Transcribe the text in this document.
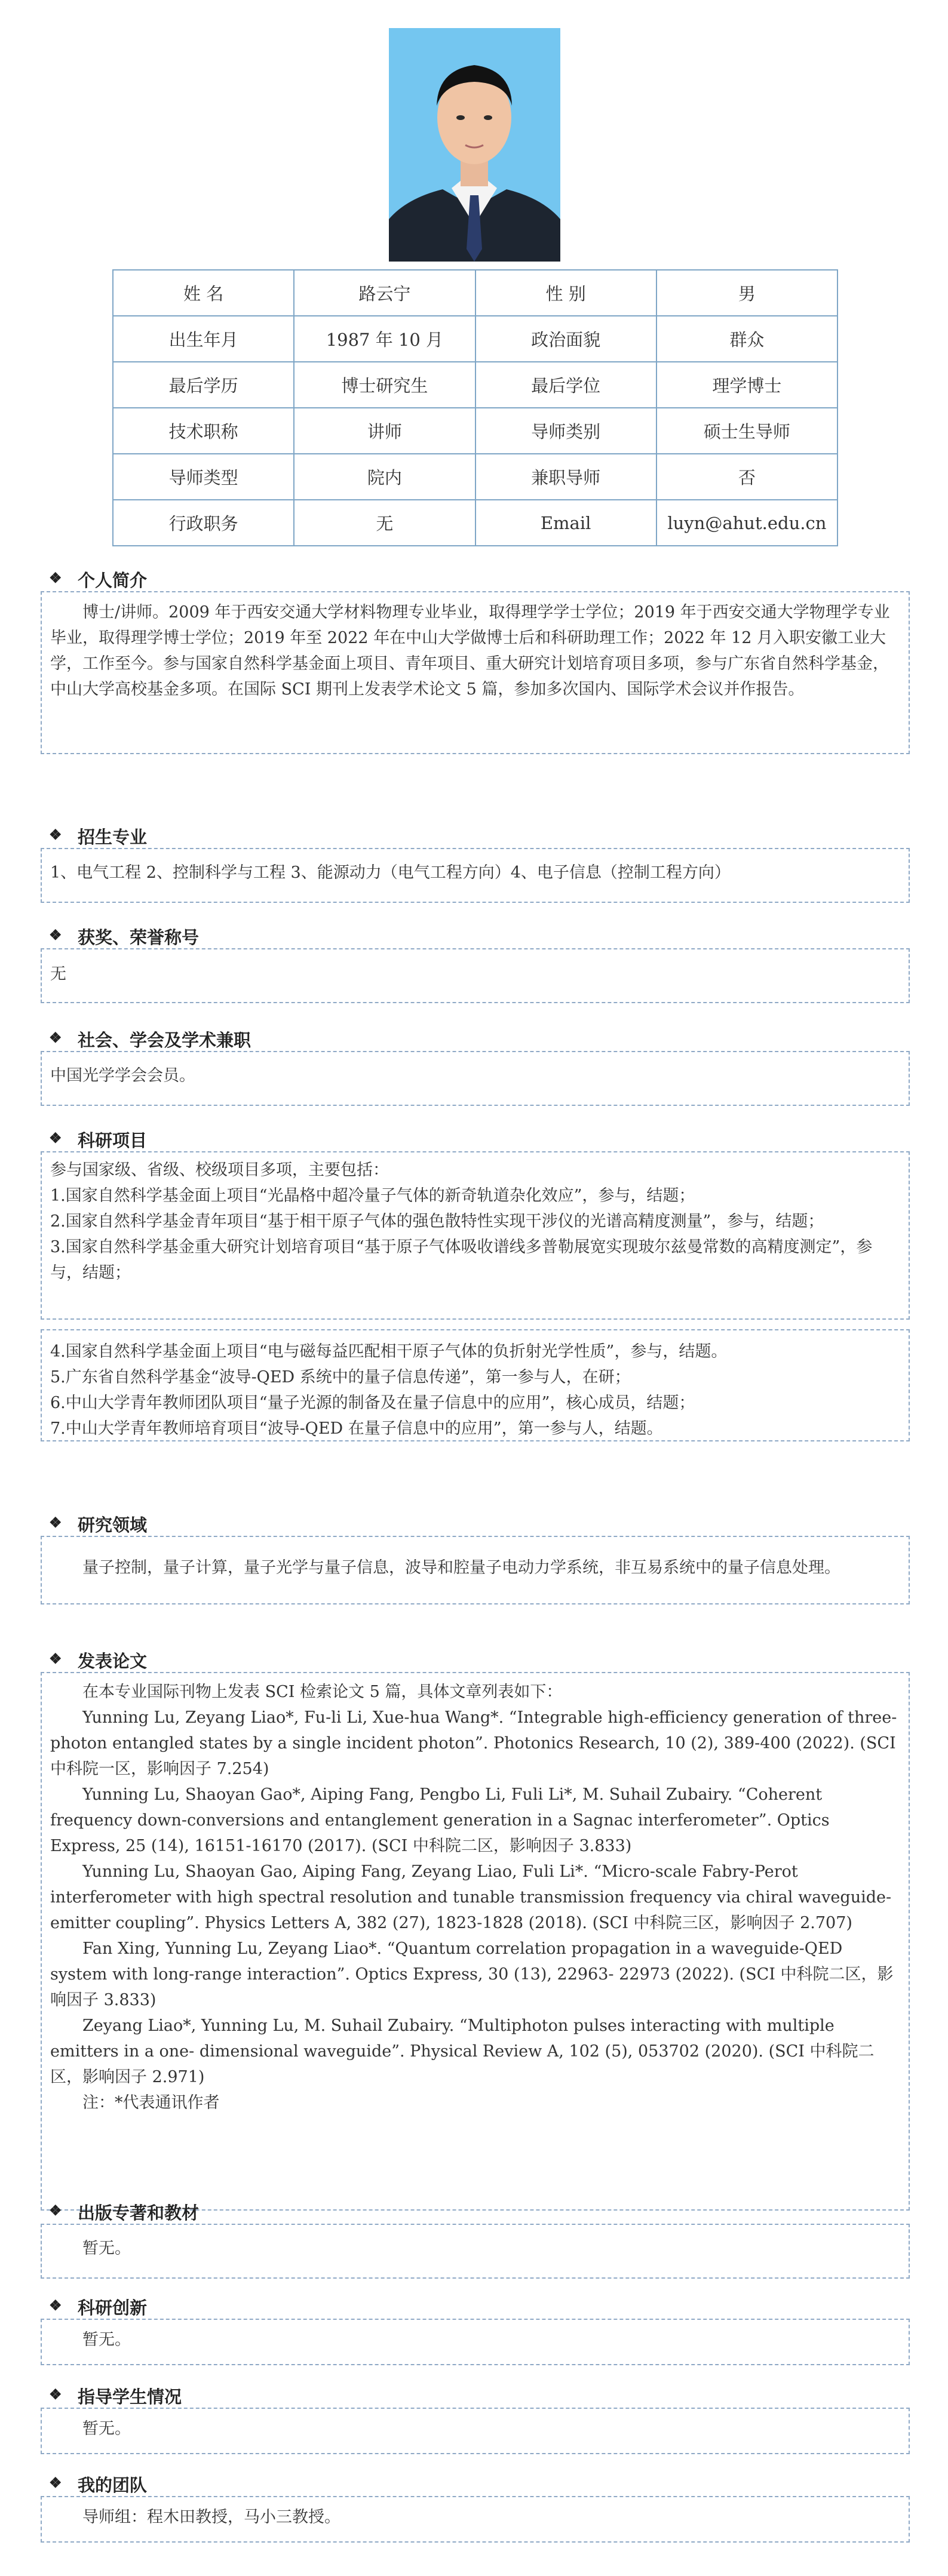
姓 名	路云宁	性 别	男
出生年月	1987 年 10 月	政治面貌	群众
最后学历	博士研究生	最后学位	理学博士
技术职称	讲师	导师类别	硕士生导师
导师类型	院内	兼职导师	否
行政职务	无	Email	luyn@ahut.edu.cn
❖ 个人简介

博士/讲师。2009 年于西安交通大学材料物理专业毕业，取得理学学士学位；2019 年于西安交通大学物理学专业毕业，取得理学博士学位；2019 年至 2022 年在中山大学做博士后和科研助理工作；2022 年 12 月入职安徽工业大学，工作至今。参与国家自然科学基金面上项目、青年项目、重大研究计划培育项目多项，参与广东省自然科学基金，中山大学高校基金多项。在国际 SCI 期刊上发表学术论文 5 篇，参加多次国内、国际学术会议并作报告。

❖ 招生专业

1、电气工程 2、控制科学与工程 3、能源动力（电气工程方向）4、电子信息（控制工程方向）

❖ 获奖、荣誉称号

无

❖ 社会、学会及学术兼职

中国光学学会会员。

❖ 科研项目

参与国家级、省级、校级项目多项，主要包括：

1.国家自然科学基金面上项目“光晶格中超冷量子气体的新奇轨道杂化效应”，参与，结题；

2.国家自然科学基金青年项目“基于相干原子气体的强色散特性实现干涉仪的光谱高精度测量”，参与，结题；

3.国家自然科学基金重大研究计划培育项目“基于原子气体吸收谱线多普勒展宽实现玻尔兹曼常数的高精度测定”，参与，结题；

4.国家自然科学基金面上项目“电与磁每益匹配相干原子气体的负折射光学性质”，参与，结题。

5.广东省自然科学基金“波导-QED 系统中的量子信息传递”，第一参与人，在研；

6.中山大学青年教师团队项目“量子光源的制备及在量子信息中的应用”，核心成员，结题；

7.中山大学青年教师培育项目“波导-QED 在量子信息中的应用”，第一参与人，结题。

❖ 研究领域

量子控制，量子计算，量子光学与量子信息，波导和腔量子电动力学系统，非互易系统中的量子信息处理。

❖ 发表论文

在本专业国际刊物上发表 SCI 检索论文 5 篇，具体文章列表如下：

Yunning Lu, Zeyang Liao*, Fu-li Li, Xue-hua Wang*. “Integrable high-efficiency generation of three-photon entangled states by a single incident photon”. Photonics Research, 10 (2), 389-400 (2022). (SCI 中科院一区，影响因子 7.254)

Yunning Lu, Shaoyan Gao*, Aiping Fang, Pengbo Li, Fuli Li*, M. Suhail Zubairy. “Coherent frequency down-conversions and entanglement generation in a Sagnac interferometer”. Optics Express, 25 (14), 16151-16170 (2017). (SCI 中科院二区，影响因子 3.833)

Yunning Lu, Shaoyan Gao, Aiping Fang, Zeyang Liao, Fuli Li*. “Micro-scale Fabry-Perot interferometer with high spectral resolution and tunable transmission frequency via chiral waveguide-emitter coupling”. Physics Letters A, 382 (27), 1823-1828 (2018). (SCI 中科院三区，影响因子 2.707)

Fan Xing, Yunning Lu, Zeyang Liao*. “Quantum correlation propagation in a waveguide-QED system with long-range interaction”. Optics Express, 30 (13), 22963- 22973 (2022). (SCI 中科院二区，影响因子 3.833)

Zeyang Liao*, Yunning Lu, M. Suhail Zubairy. “Multiphoton pulses interacting with multiple emitters in a one- dimensional waveguide”. Physical Review A, 102 (5), 053702 (2020). (SCI 中科院二区，影响因子 2.971)

注：*代表通讯作者

❖ 出版专著和教材

暂无。

❖ 科研创新

暂无。

❖ 指导学生情况

暂无。

❖ 我的团队

导师组：程木田教授，马小三教授。
